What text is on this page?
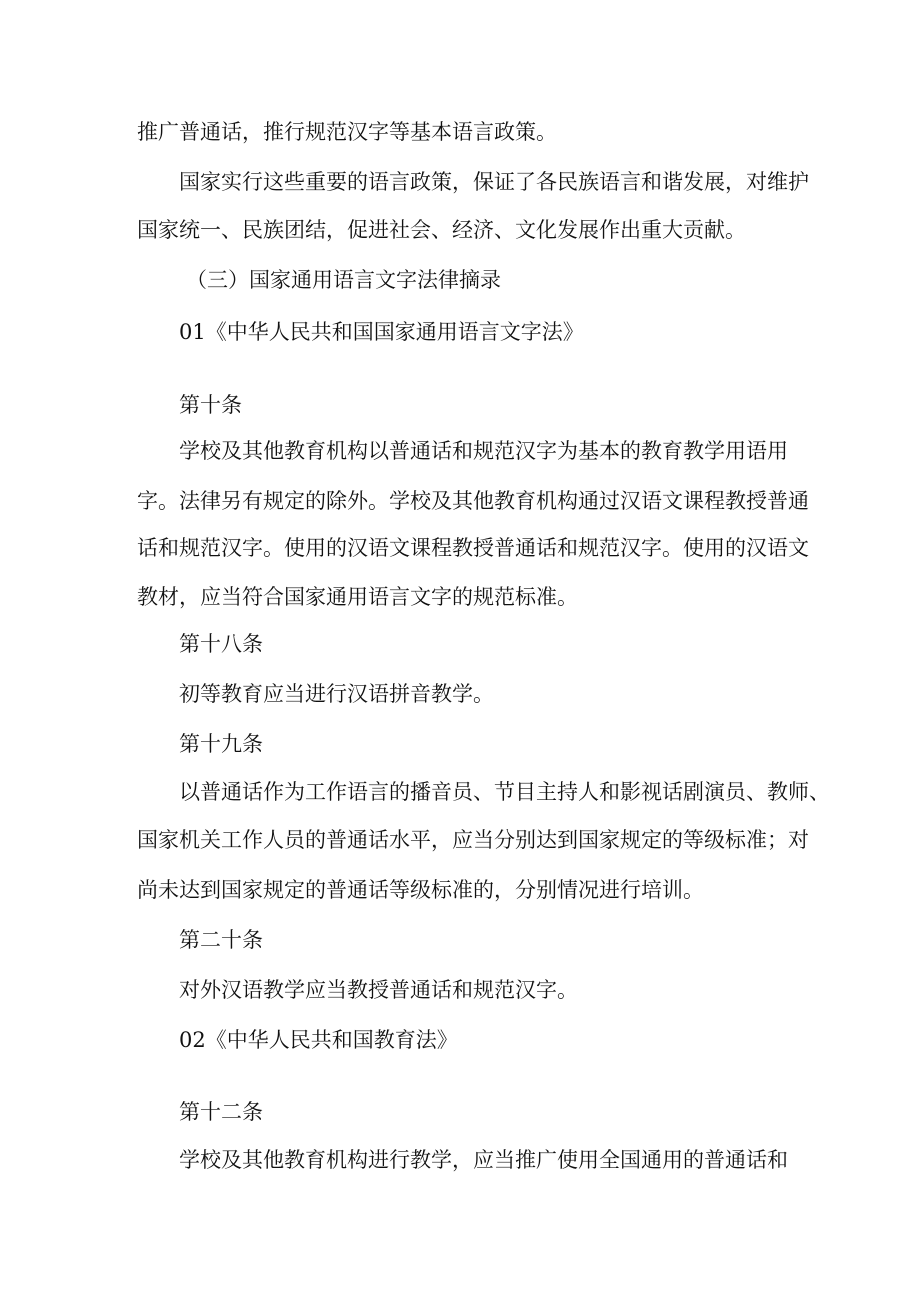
推广普通话，推行规范汉字等基本语言政策。

国家实行这些重要的语言政策，保证了各民族语言和谐发展，对维护

国家统一、民族团结，促进社会、经济、文化发展作出重大贡献。

（三）国家通用语言文字法律摘录

01《中华人民共和国国家通用语言文字法》

第十条

学校及其他教育机构以普通话和规范汉字为基本的教育教学用语用

字。法律另有规定的除外。学校及其他教育机构通过汉语文课程教授普通

话和规范汉字。使用的汉语文课程教授普通话和规范汉字。使用的汉语文

教材，应当符合国家通用语言文字的规范标准。

第十八条

初等教育应当进行汉语拼音教学。

第十九条

以普通话作为工作语言的播音员、节目主持人和影视话剧演员、教师、

国家机关工作人员的普通话水平，应当分别达到国家规定的等级标准；对

尚未达到国家规定的普通话等级标准的，分别情况进行培训。

第二十条

对外汉语教学应当教授普通话和规范汉字。

02《中华人民共和国教育法》

第十二条

学校及其他教育机构进行教学，应当推广使用全国通用的普通话和
